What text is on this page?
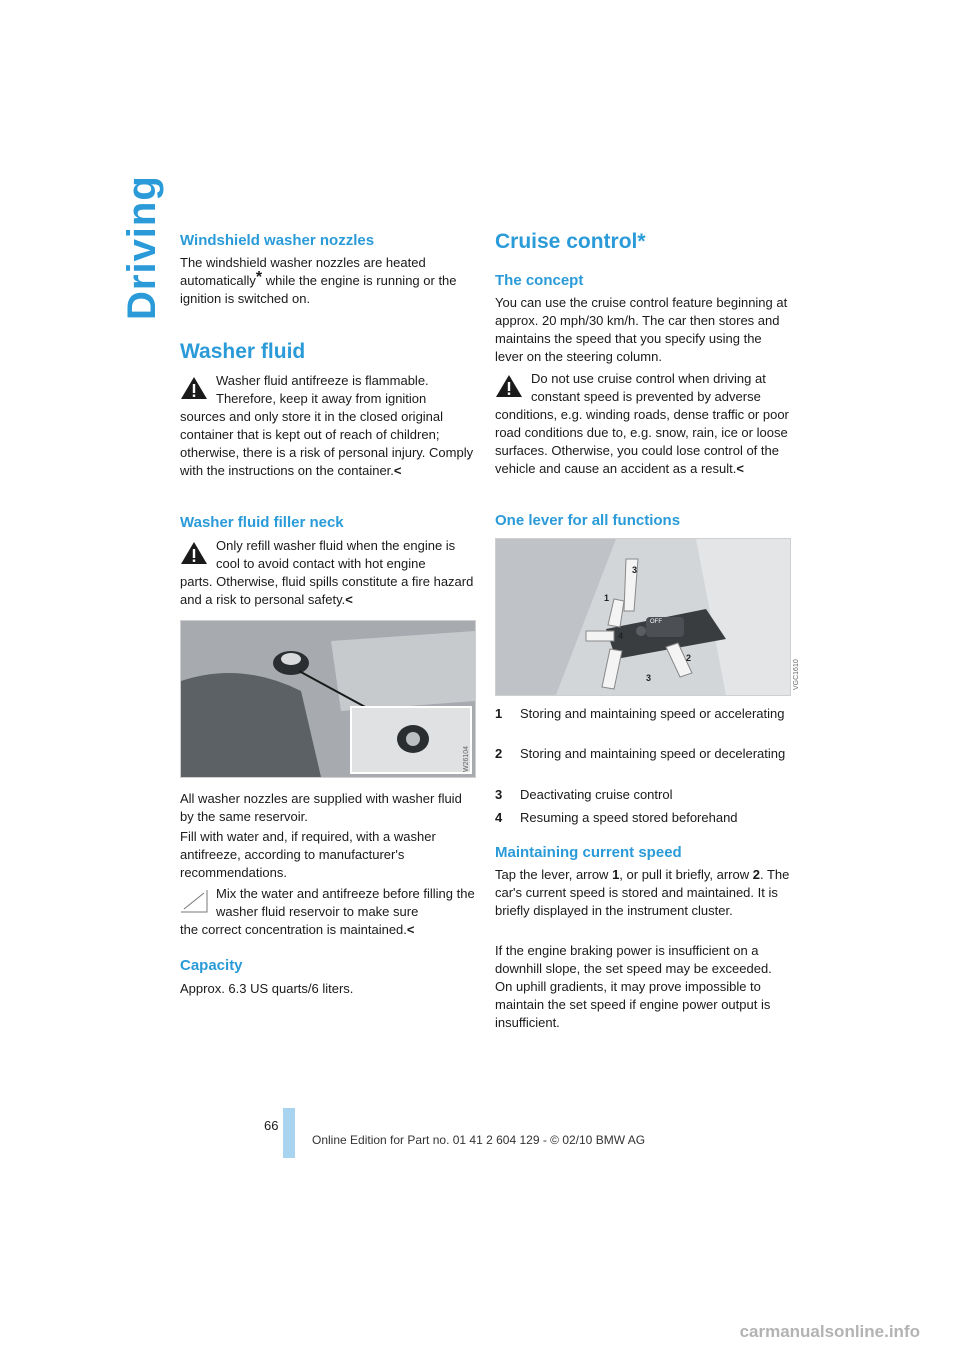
Driving Windshield washer nozzles

The windshield washer nozzles are heated automatically* while the engine is running or the ignition is switched on.

Washer fluid
Washer fluid antifreeze is flammable. Therefore, keep it away from ignition
sources and only store it in the closed original container that is kept out of reach of children; otherwise, there is a risk of personal injury. Comply with the instructions on the container.<
Washer fluid filler neck
Only refill washer fluid when the engine is cool to avoid contact with hot engine
parts. Otherwise, fluid spills constitute a fire hazard and a risk to personal safety.<
W26104

All washer nozzles are supplied with washer fluid by the same reservoir.

Fill with water and, if required, with a washer antifreeze, according to manufacturer's recommendations.

Mix the water and antifreeze before filling the washer fluid reservoir to make sure
the correct concentration is maintained.<
Capacity

Approx. 6.3 US quarts/6 liters.

Cruise control*
The concept

You can use the cruise control feature beginning at approx. 20 mph/30 km/h. The car then stores and maintains the speed that you specify using the lever on the steering column.

Do not use cruise control when driving at constant speed is prevented by adverse
conditions, e.g. winding roads, dense traffic or poor road conditions due to, e.g. snow, rain, ice or loose surfaces. Otherwise, you could lose control of the vehicle and cause an accident as a result.<
One lever for all functions
OFF
3
1
4
3
2
VGC1610
1	Storing and maintaining speed or accelerating
2	Storing and maintaining speed or decelerating
3	Deactivating cruise control
4	Resuming a speed stored beforehand
Maintaining current speed

Tap the lever, arrow 1, or pull it briefly, arrow 2. The car's current speed is stored and maintained. It is briefly displayed in the instrument cluster.

If the engine braking power is insufficient on a downhill slope, the set speed may be exceeded. On uphill gradients, it may prove impossible to maintain the set speed if engine power output is insufficient.

66
Online Edition for Part no. 01 41 2 604 129 - © 02/10 BMW AG
carmanualsonline.info
